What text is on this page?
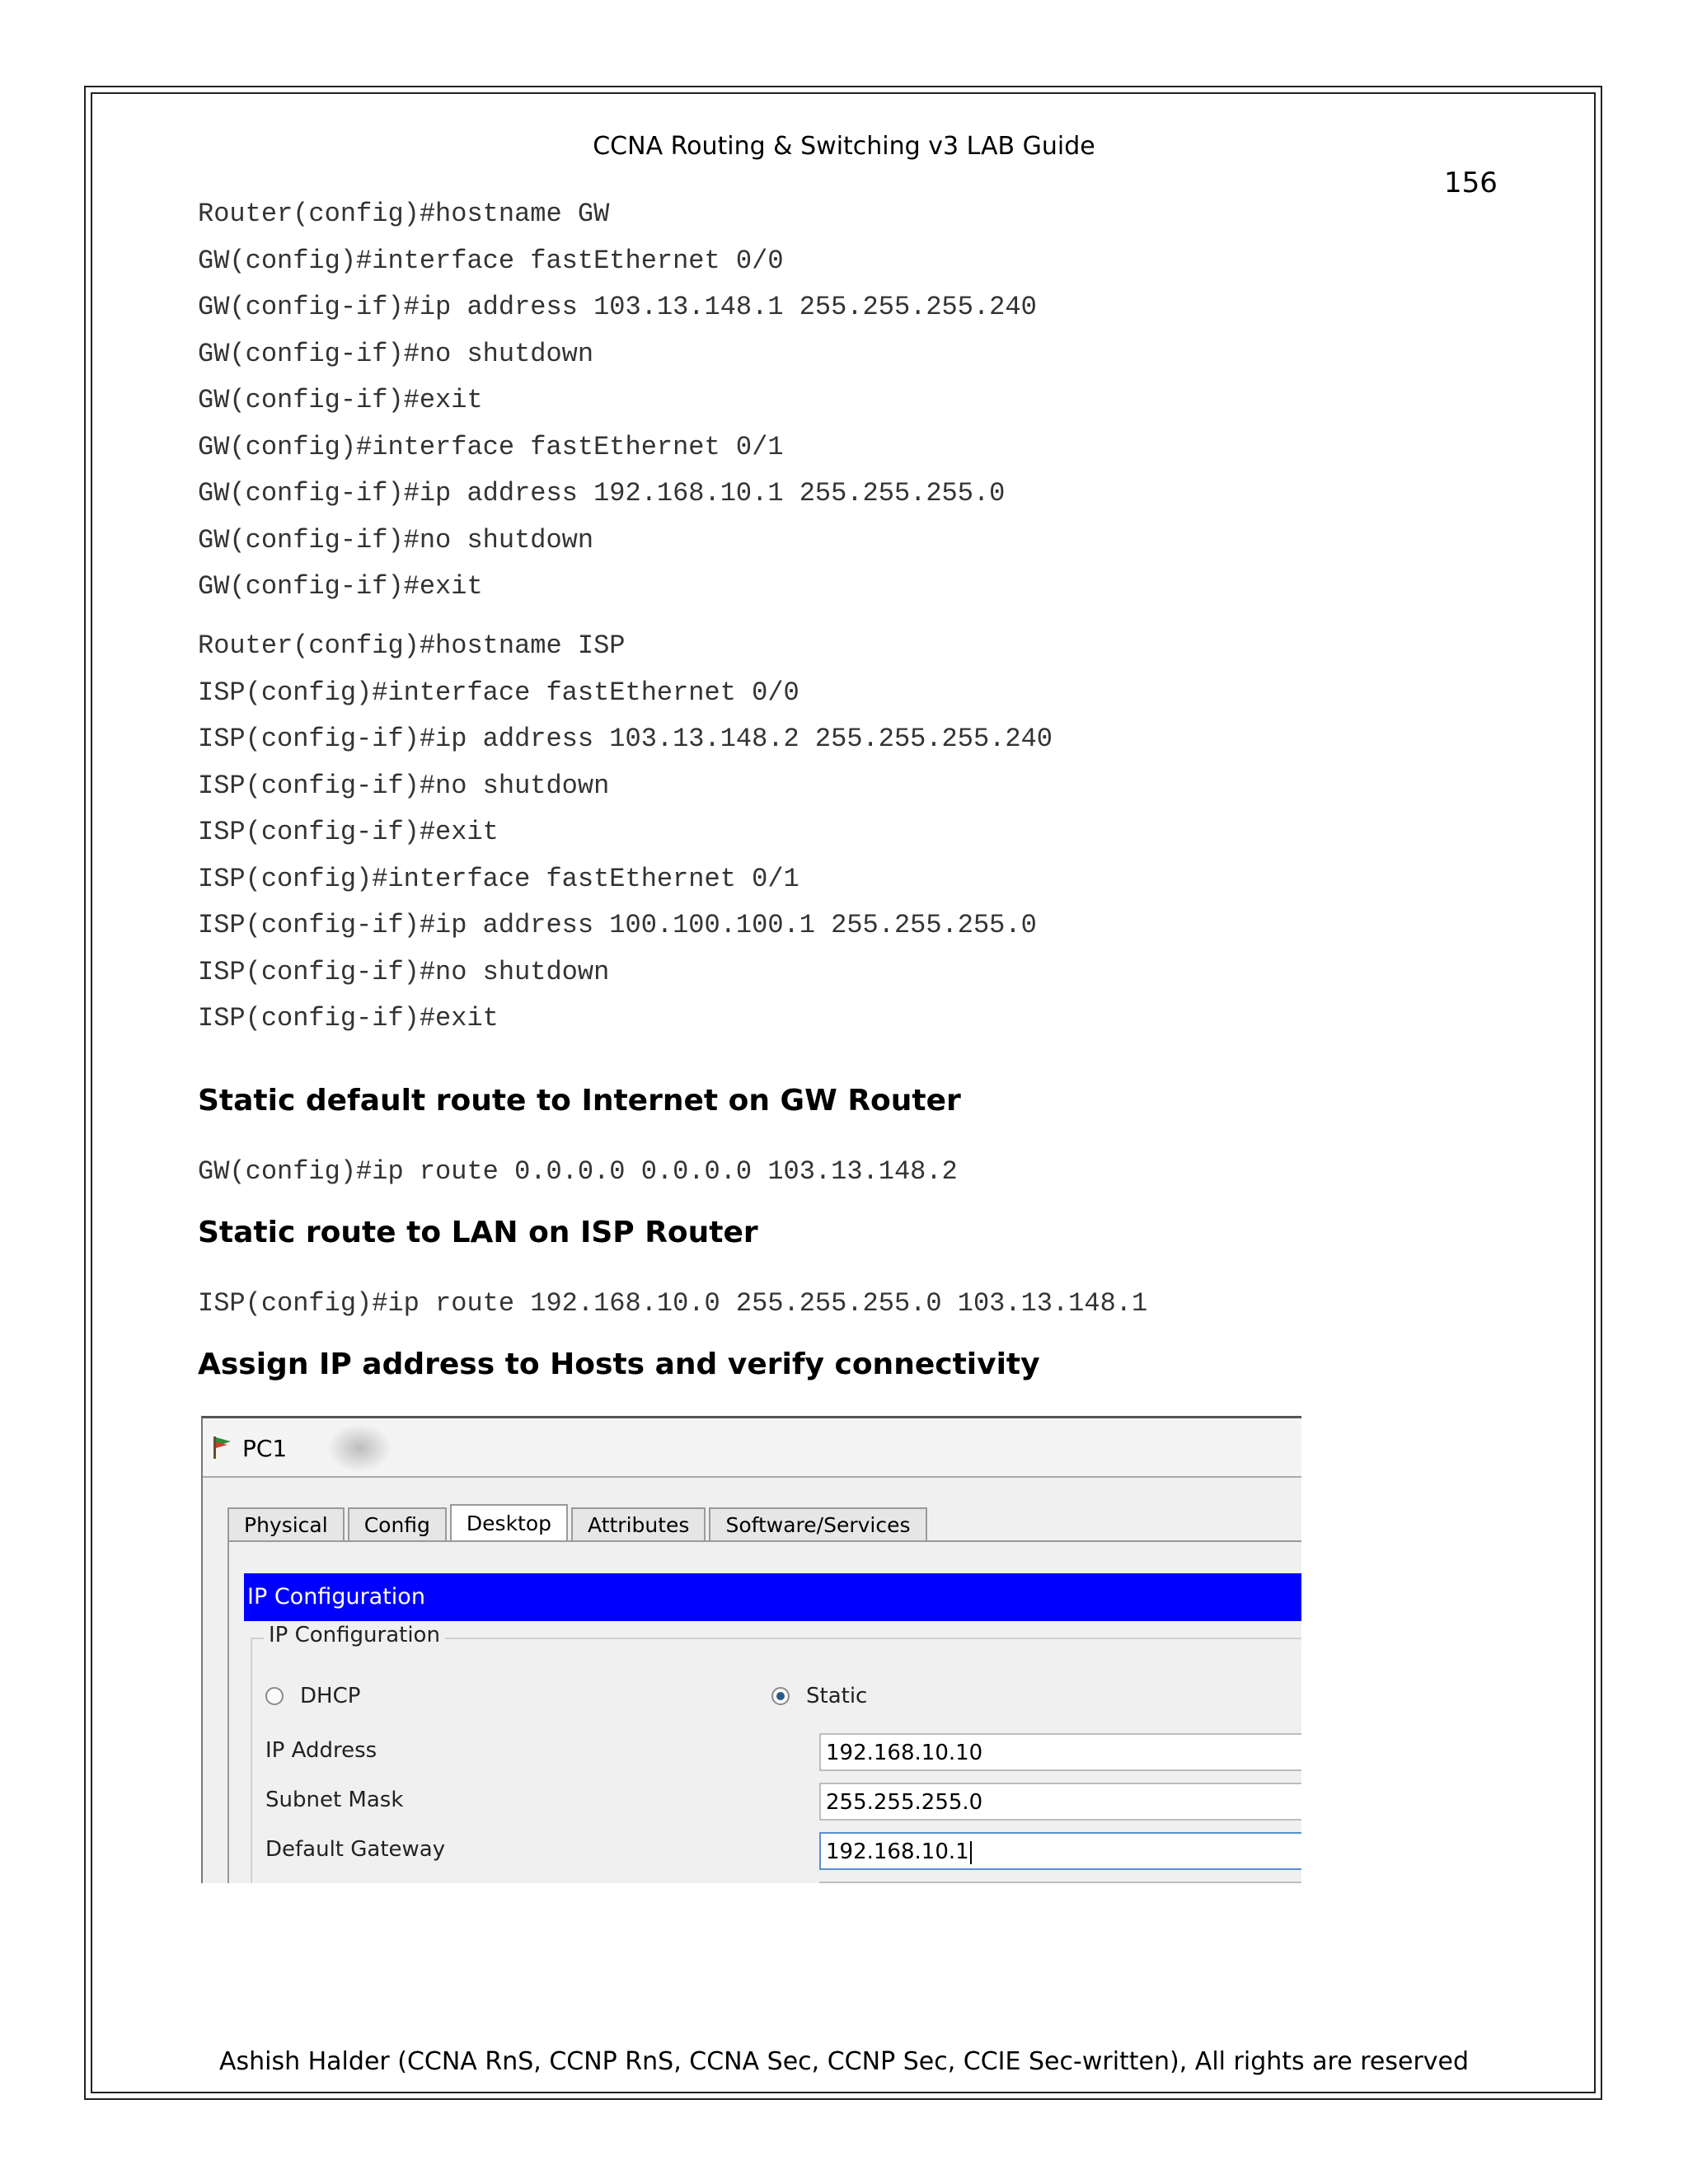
CCNA Routing & Switching v3 LAB Guide
156
Router(config)#hostname GW
GW(config)#interface fastEthernet 0/0
GW(config-if)#ip address 103.13.148.1 255.255.255.240
GW(config-if)#no shutdown
GW(config-if)#exit
GW(config)#interface fastEthernet 0/1
GW(config-if)#ip address 192.168.10.1 255.255.255.0
GW(config-if)#no shutdown
GW(config-if)#exit
Router(config)#hostname ISP
ISP(config)#interface fastEthernet 0/0
ISP(config-if)#ip address 103.13.148.2 255.255.255.240
ISP(config-if)#no shutdown
ISP(config-if)#exit
ISP(config)#interface fastEthernet 0/1
ISP(config-if)#ip address 100.100.100.1 255.255.255.0
ISP(config-if)#no shutdown
ISP(config-if)#exit
Static default route to Internet on GW Router
GW(config)#ip route 0.0.0.0 0.0.0.0 103.13.148.2
Static route to LAN on ISP Router
ISP(config)#ip route 192.168.10.0 255.255.255.0 103.13.148.1
Assign IP address to Hosts and verify connectivity
PC1
Physical	Config	Desktop	Attributes	Software/Services
IP Configuration
IP Configuration
DHCP	Static
IP Address	192.168.10.10
Subnet Mask	255.255.255.0
Default Gateway	192.168.10.1
Ashish Halder (CCNA RnS, CCNP RnS, CCNA Sec, CCNP Sec, CCIE Sec-written), All rights are reserved
